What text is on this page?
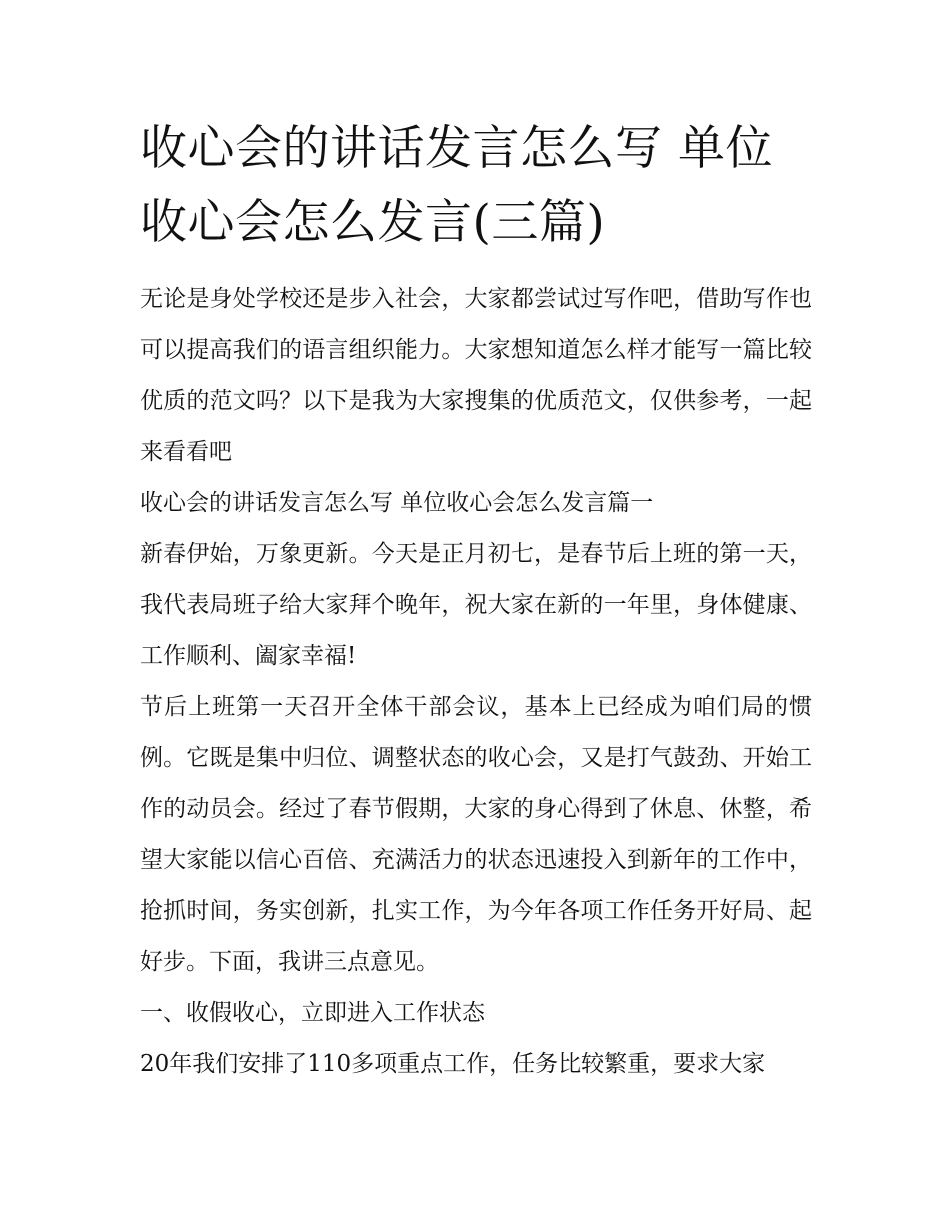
收心会的讲话发言怎么写 单位收心会怎么发言(三篇)

无论是身处学校还是步入社会，大家都尝试过写作吧，借助写作也可以提高我们的语言组织能力。大家想知道怎么样才能写一篇比较优质的范文吗？以下是我为大家搜集的优质范文，仅供参考，一起来看看吧

收心会的讲话发言怎么写 单位收心会怎么发言篇一

新春伊始，万象更新。今天是正月初七，是春节后上班的第一天，我代表局班子给大家拜个晚年，祝大家在新的一年里，身体健康、工作顺利、阖家幸福!

节后上班第一天召开全体干部会议，基本上已经成为咱们局的惯例。它既是集中归位、调整状态的收心会，又是打气鼓劲、开始工作的动员会。经过了春节假期，大家的身心得到了休息、休整，希望大家能以信心百倍、充满活力的状态迅速投入到新年的工作中，抢抓时间，务实创新，扎实工作，为今年各项工作任务开好局、起好步。下面，我讲三点意见。

一、收假收心，立即进入工作状态

20年我们安排了110多项重点工作，任务比较繁重，要求大家
